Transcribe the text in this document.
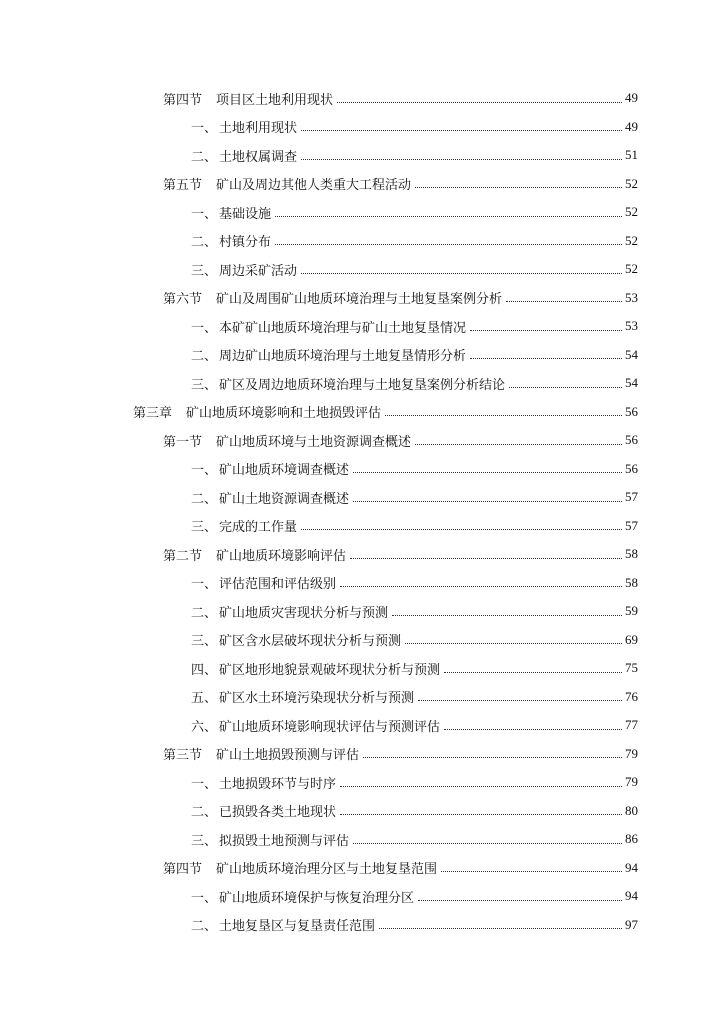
第四节 项目区土地利用现状	49
一、 土地利用现状	49
二、 土地权属调查	51
第五节 矿山及周边其他人类重大工程活动	52
一、 基础设施	52
二、 村镇分布	52
三、 周边采矿活动	52
第六节 矿山及周围矿山地质环境治理与土地复垦案例分析	53
一、 本矿矿山地质环境治理与矿山土地复垦情况	53
二、 周边矿山地质环境治理与土地复垦情形分析	54
三、 矿区及周边地质环境治理与土地复垦案例分析结论	54
第三章 矿山地质环境影响和土地损毁评估	56
第一节 矿山地质环境与土地资源调查概述	56
一、 矿山地质环境调查概述	56
二、 矿山土地资源调查概述	57
三、 完成的工作量	57
第二节 矿山地质环境影响评估	58
一、 评估范围和评估级别	58
二、 矿山地质灾害现状分析与预测	59
三、 矿区含水层破坏现状分析与预测	69
四、 矿区地形地貌景观破坏现状分析与预测	75
五、 矿区水土环境污染现状分析与预测	76
六、 矿山地质环境影响现状评估与预测评估	77
第三节 矿山土地损毁预测与评估	79
一、 土地损毁环节与时序	79
二、 已损毁各类土地现状	80
三、 拟损毁土地预测与评估	86
第四节 矿山地质环境治理分区与土地复垦范围	94
一、 矿山地质环境保护与恢复治理分区	94
二、 土地复垦区与复垦责任范围	97
